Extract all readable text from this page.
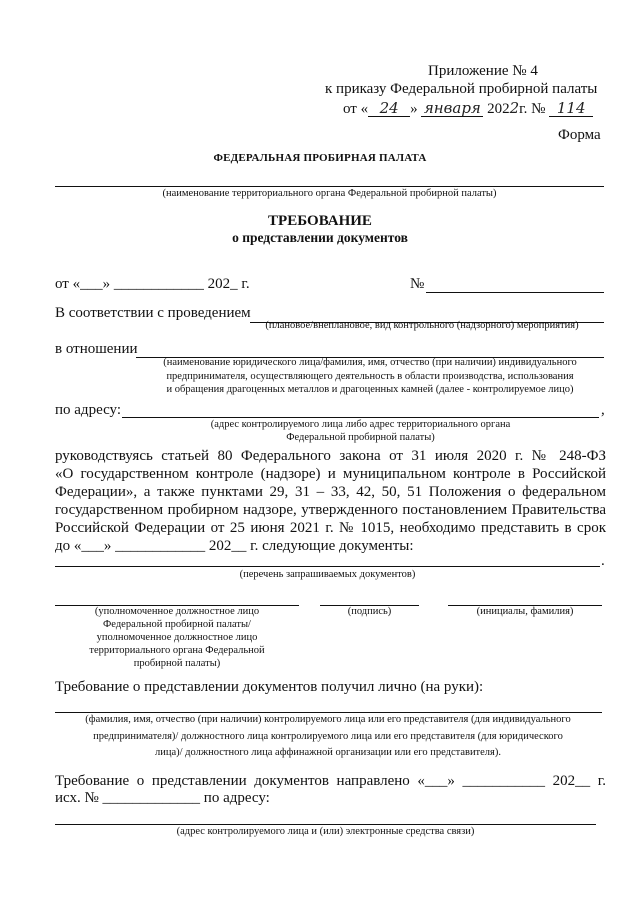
Приложение № 4
к приказу Федеральной пробирной палаты
от « 24 » января 2022г. № 114
Форма
ФЕДЕРАЛЬНАЯ ПРОБИРНАЯ ПАЛАТА
(наименование территориального органа Федеральной пробирной палаты)
ТРЕБОВАНИЕ
о представлении документов
от «___» ____________ 202_ г.	№
В соответствии с проведением
(плановое/внеплановое, вид контрольного (надзорного) мероприятия)
в отношении
(наименование юридического лица/фамилия, имя, отчество (при наличии) индивидуального
предпринимателя, осуществляющего деятельность в области производства, использования
и обращения драгоценных металлов и драгоценных камней (далее - контролируемое лицо)
по адресу:	,
(адрес контролируемого лица либо адрес территориального органа
Федеральной пробирной палаты)
руководствуясь статьей 80 Федерального закона от 31 июля 2020 г. № 248-ФЗ
«О государственном контроле (надзоре) и муниципальном контроле в Российской
Федерации», а также пунктами 29, 31 – 33, 42, 50, 51 Положения о федеральном
государственном пробирном надзоре, утвержденного постановлением Правительства
Российской Федерации от 25 июня 2021 г. № 1015, необходимо представить в срок
до «___» ____________ 202__ г. следующие документы:
.
(перечень запрашиваемых документов)
(уполномоченное должностное лицо
Федеральной пробирной палаты/
уполномоченное должностное лицо
территориального органа Федеральной
пробирной палаты)
(подпись)	(инициалы, фамилия)
Требование о представлении документов получил лично (на руки):
(фамилия, имя, отчество (при наличии) контролируемого лица или его представителя (для индивидуального
предпринимателя)/ должностного лица контролируемого лица или его представителя (для юридического
лица)/ должностного лица аффинажной организации или его представителя).
Требование о представлении документов направлено «___» ___________ 202__ г.
исх. № _____________ по адресу:
(адрес контролируемого лица и (или) электронные средства связи)
